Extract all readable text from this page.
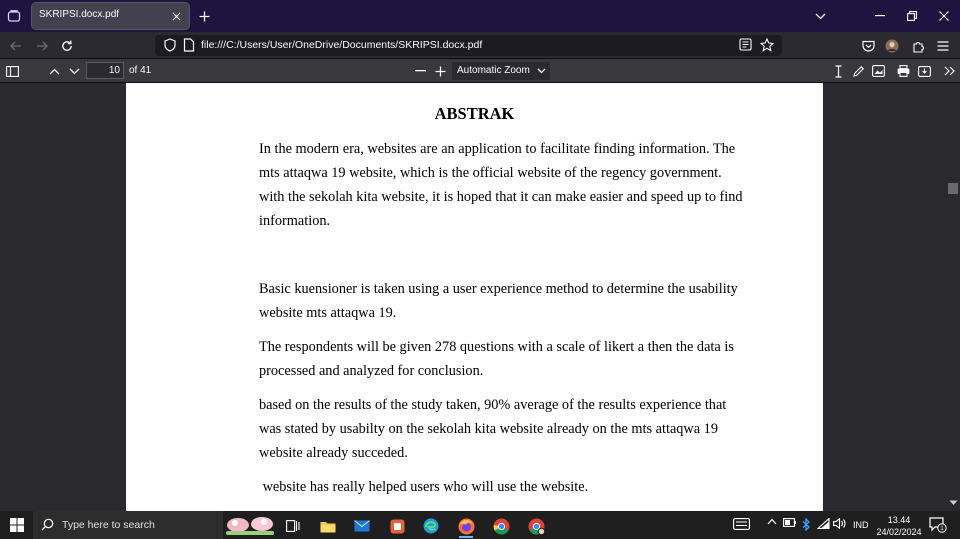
SKRIPSI.docx.pdf
file:///C:/Users/User/OneDrive/Documents/SKRIPSI.docx.pdf
10
of 41	Automatic Zoom
ABSTRAK
In the modern era, websites are an application to facilitate finding information. The
mts attaqwa 19 website, which is the official website of the regency government.
with the sekolah kita website, it is hoped that it can make easier and speed up to find
information.
Basic kuensioner is taken using a user experience method to determine the usability
website mts attaqwa 19.
The respondents will be given 278 questions with a scale of likert a then the data is
processed and analyzed for conclusion.
based on the results of the study taken, 90% average of the results experience that
was stated by usabilty on the sekolah kita website already on the mts attaqwa 19
website already succeded.
website has really helped users who will use the website.
Type here to search	IND	13.44
24/02/2024	1
